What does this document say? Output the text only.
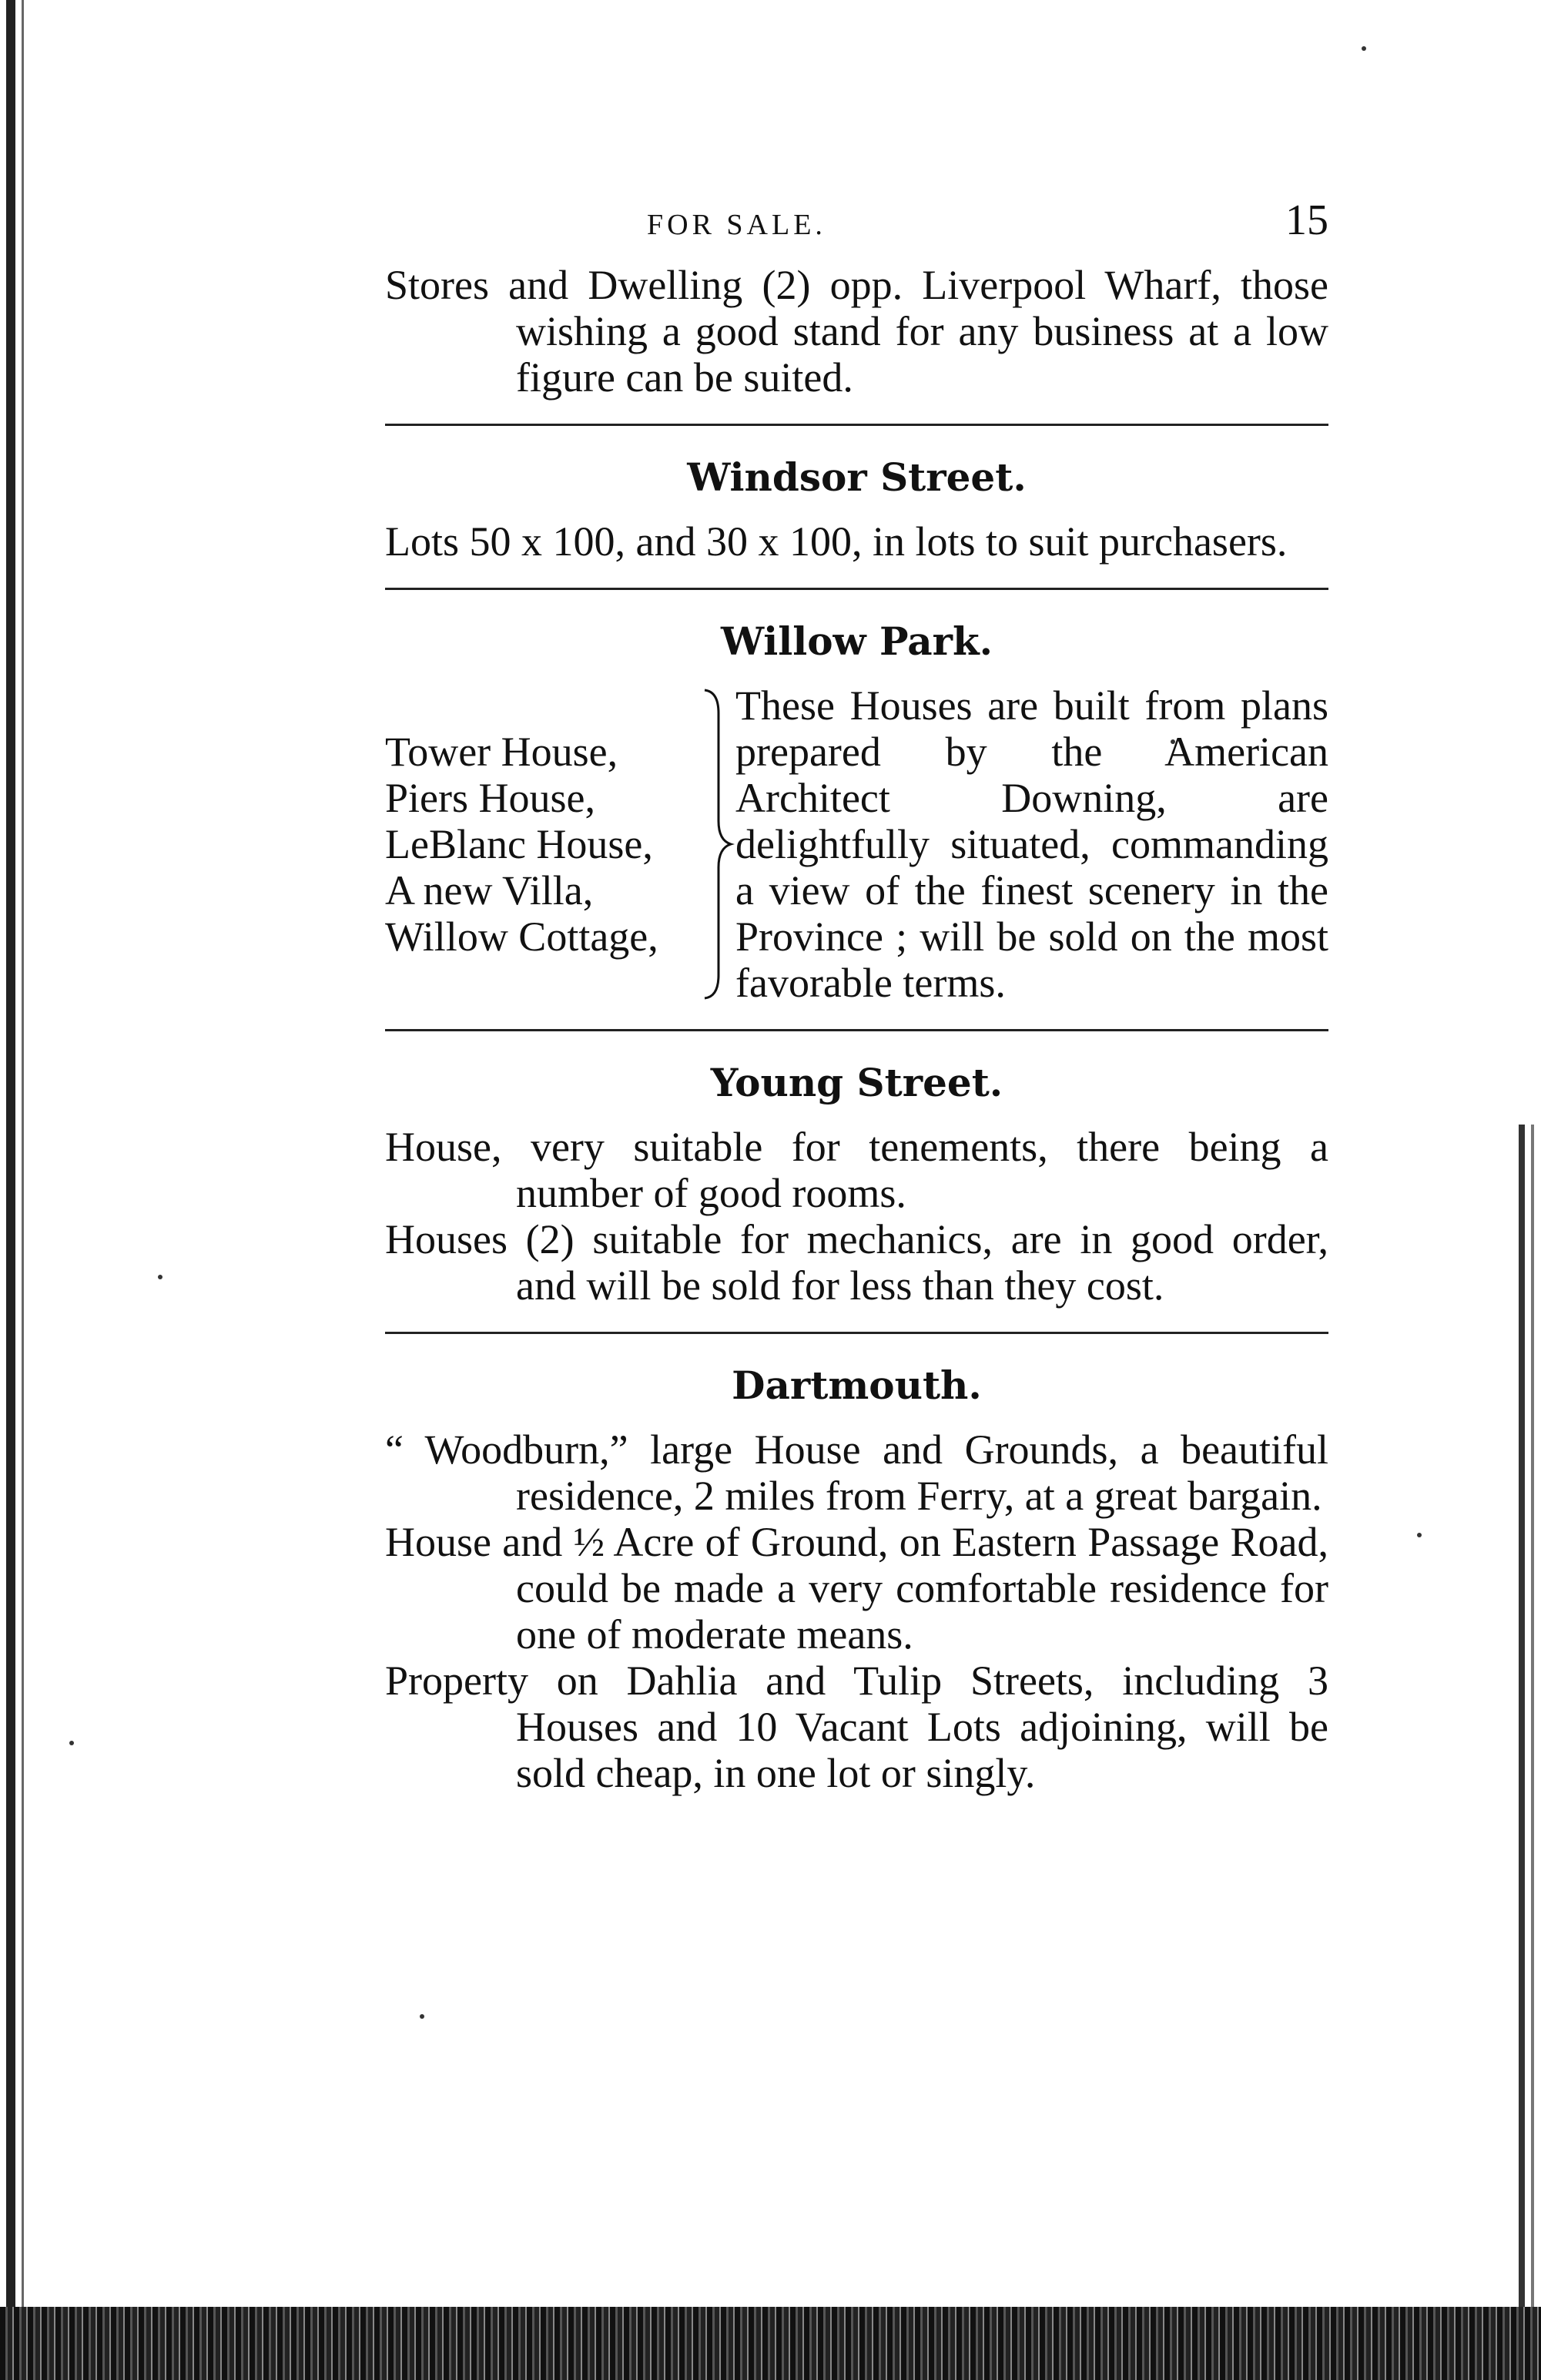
FOR SALE.	15

Stores and Dwelling (2) opp. Liverpool Wharf, those wishing a good stand for any business at a low figure can be suited.

Windsor Street.

Lots 50 x 100, and 30 x 100, in lots to suit purchasers.

Willow Park.
Tower House,
Piers House,
LeBlanc House,
A new Villa,
Willow Cottage,
These Houses are built from plans prepared by the American Architect Downing, are delightfully situated, commanding a view of the finest scenery in the Province ; will be sold on the most favorable terms.
Young Street.

House, very suitable for tenements, there being a number of good rooms.

Houses (2) suitable for mechanics, are in good order, and will be sold for less than they cost.

Dartmouth.

“ Woodburn,” large House and Grounds, a beautiful residence, 2 miles from Ferry, at a great bargain.

House and ½ Acre of Ground, on Eastern Passage Road, could be made a very comfortable residence for one of moderate means.

Property on Dahlia and Tulip Streets, including 3 Houses and 10 Vacant Lots adjoining, will be sold cheap, in one lot or singly.
